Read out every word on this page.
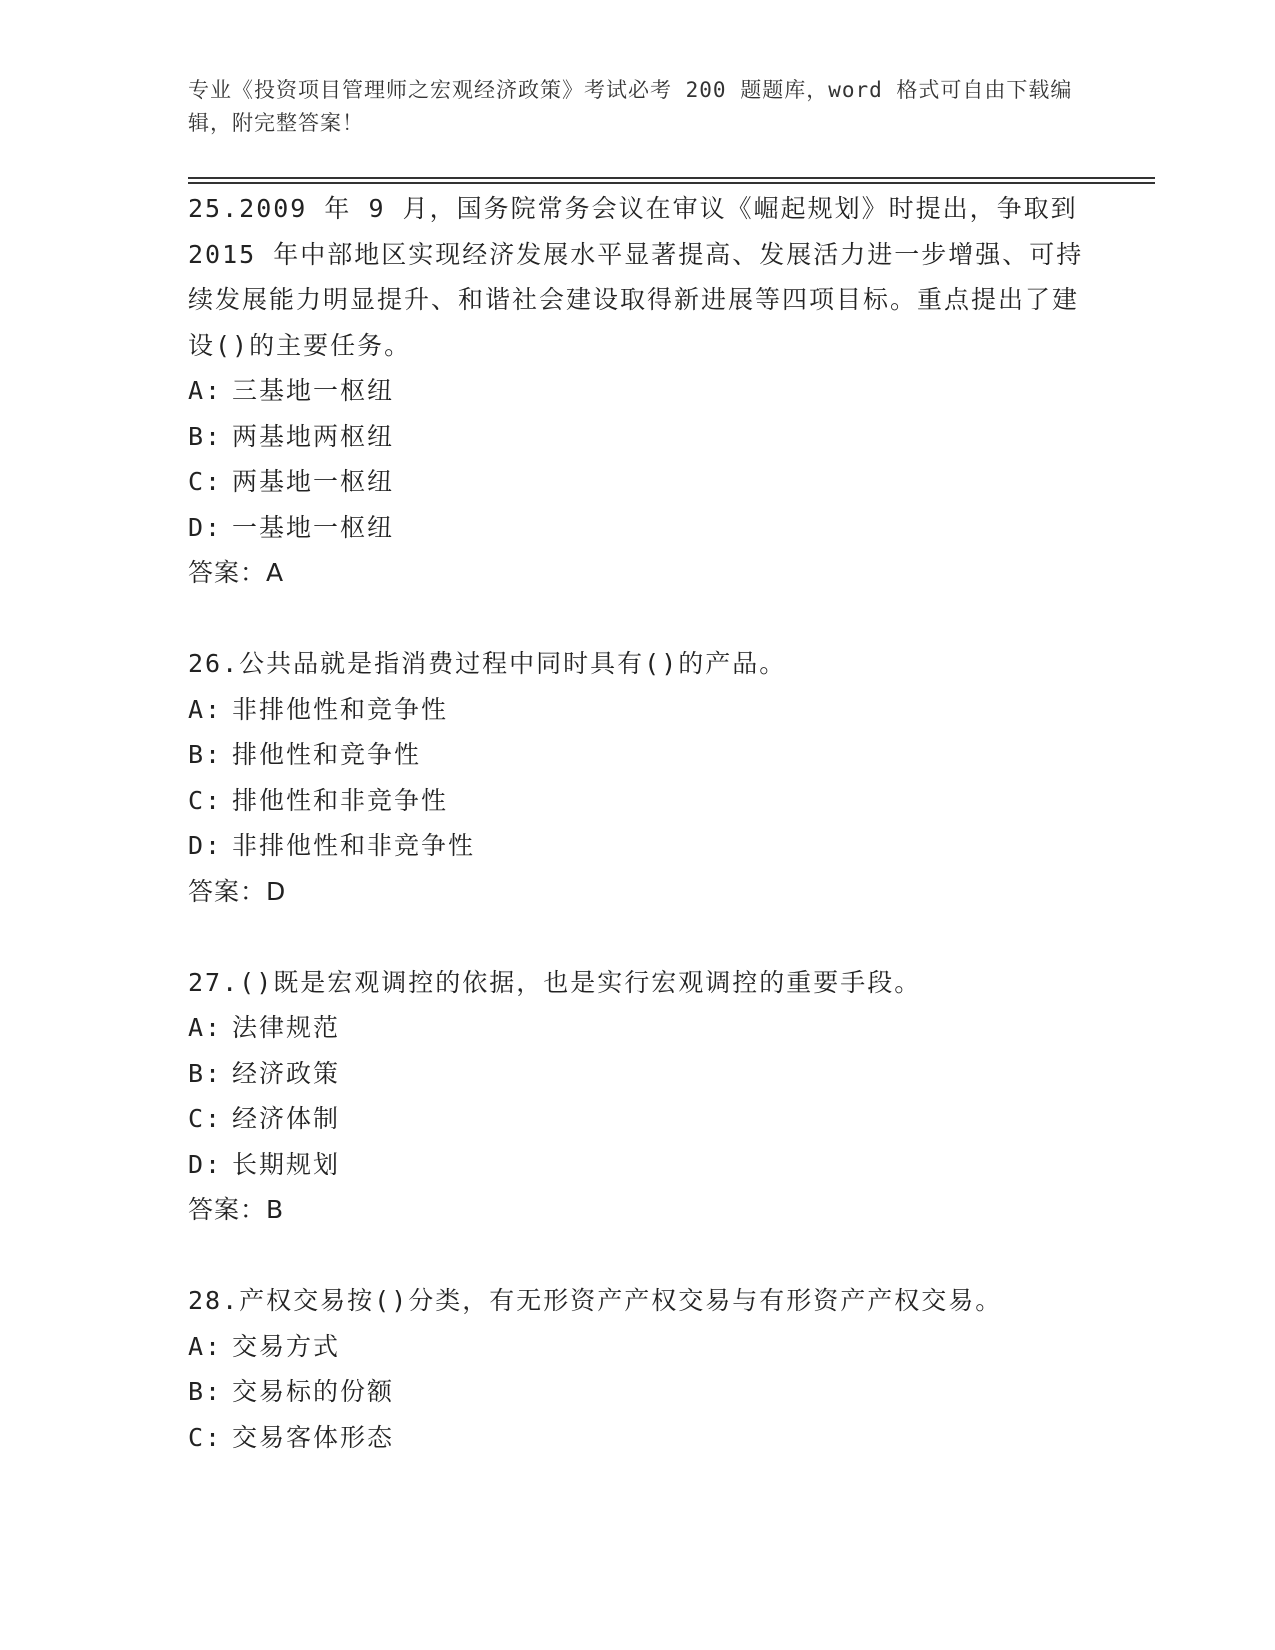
专业《投资项目管理师之宏观经济政策》考试必考 200 题题库，word 格式可自由下载编辑，附完整答案！

25.2009 年 9 月，国务院常务会议在审议《崛起规划》时提出，争取到 2015 年中部地区实现经济发展水平显著提高、发展活力进一步增强、可持续发展能力明显提升、和谐社会建设取得新进展等四项目标。重点提出了建设()的主要任务。

A: 三基地一枢纽

B: 两基地两枢纽

C: 两基地一枢纽

D: 一基地一枢纽

答案：A

26.公共品就是指消费过程中同时具有()的产品。

A: 非排他性和竞争性

B: 排他性和竞争性

C: 排他性和非竞争性

D: 非排他性和非竞争性

答案：D

27.()既是宏观调控的依据，也是实行宏观调控的重要手段。

A: 法律规范

B: 经济政策

C: 经济体制

D: 长期规划

答案：B

28.产权交易按()分类，有无形资产产权交易与有形资产产权交易。

A: 交易方式

B: 交易标的份额

C: 交易客体形态
